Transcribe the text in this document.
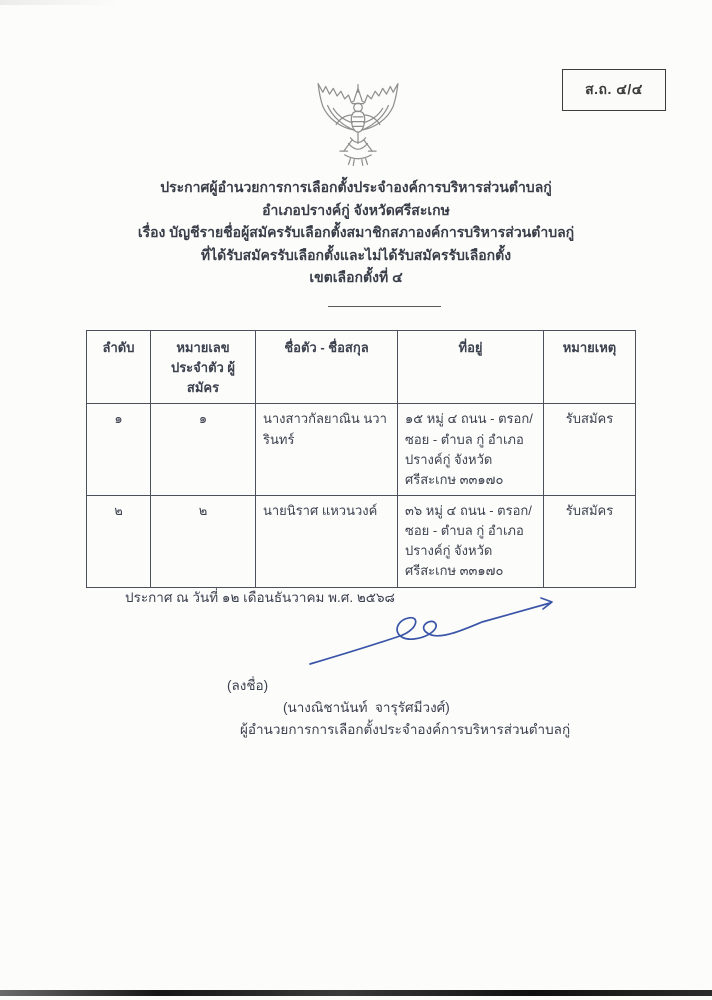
ส.ถ. ๔/๔
ประกาศผู้อำนวยการการเลือกตั้งประจำองค์การบริหารส่วนตำบลกู่
อำเภอปรางค์กู่ จังหวัดศรีสะเกษ
เรื่อง บัญชีรายชื่อผู้สมัครรับเลือกตั้งสมาชิกสภาองค์การบริหารส่วนตำบลกู่
ที่ได้รับสมัครรับเลือกตั้งและไม่ได้รับสมัครรับเลือกตั้ง
เขตเลือกตั้งที่ ๔
ลำดับ	หมายเลขประจำตัว ผู้สมัคร	ชื่อตัว - ชื่อสกุล	ที่อยู่	หมายเหตุ
๑	๑	นางสาวกัลยาณิน นวารินทร์	๑๕ หมู่ ๔ ถนน - ตรอก/ซอย - ตำบล กู่ อำเภอ ปรางค์กู่ จังหวัด ศรีสะเกษ ๓๓๑๗๐	รับสมัคร
๒	๒	นายนิราศ แหวนวงค์	๓๖ หมู่ ๔ ถนน - ตรอก/ซอย - ตำบล กู่ อำเภอ ปรางค์กู่ จังหวัด ศรีสะเกษ ๓๓๑๗๐	รับสมัคร
ประกาศ ณ วันที่ ๑๒ เดือนธันวาคม พ.ศ. ๒๕๖๘
(ลงชื่อ)
(นางณิชานันท์  จารุรัศมีวงศ์)
ผู้อำนวยการการเลือกตั้งประจำองค์การบริหารส่วนตำบลกู่
